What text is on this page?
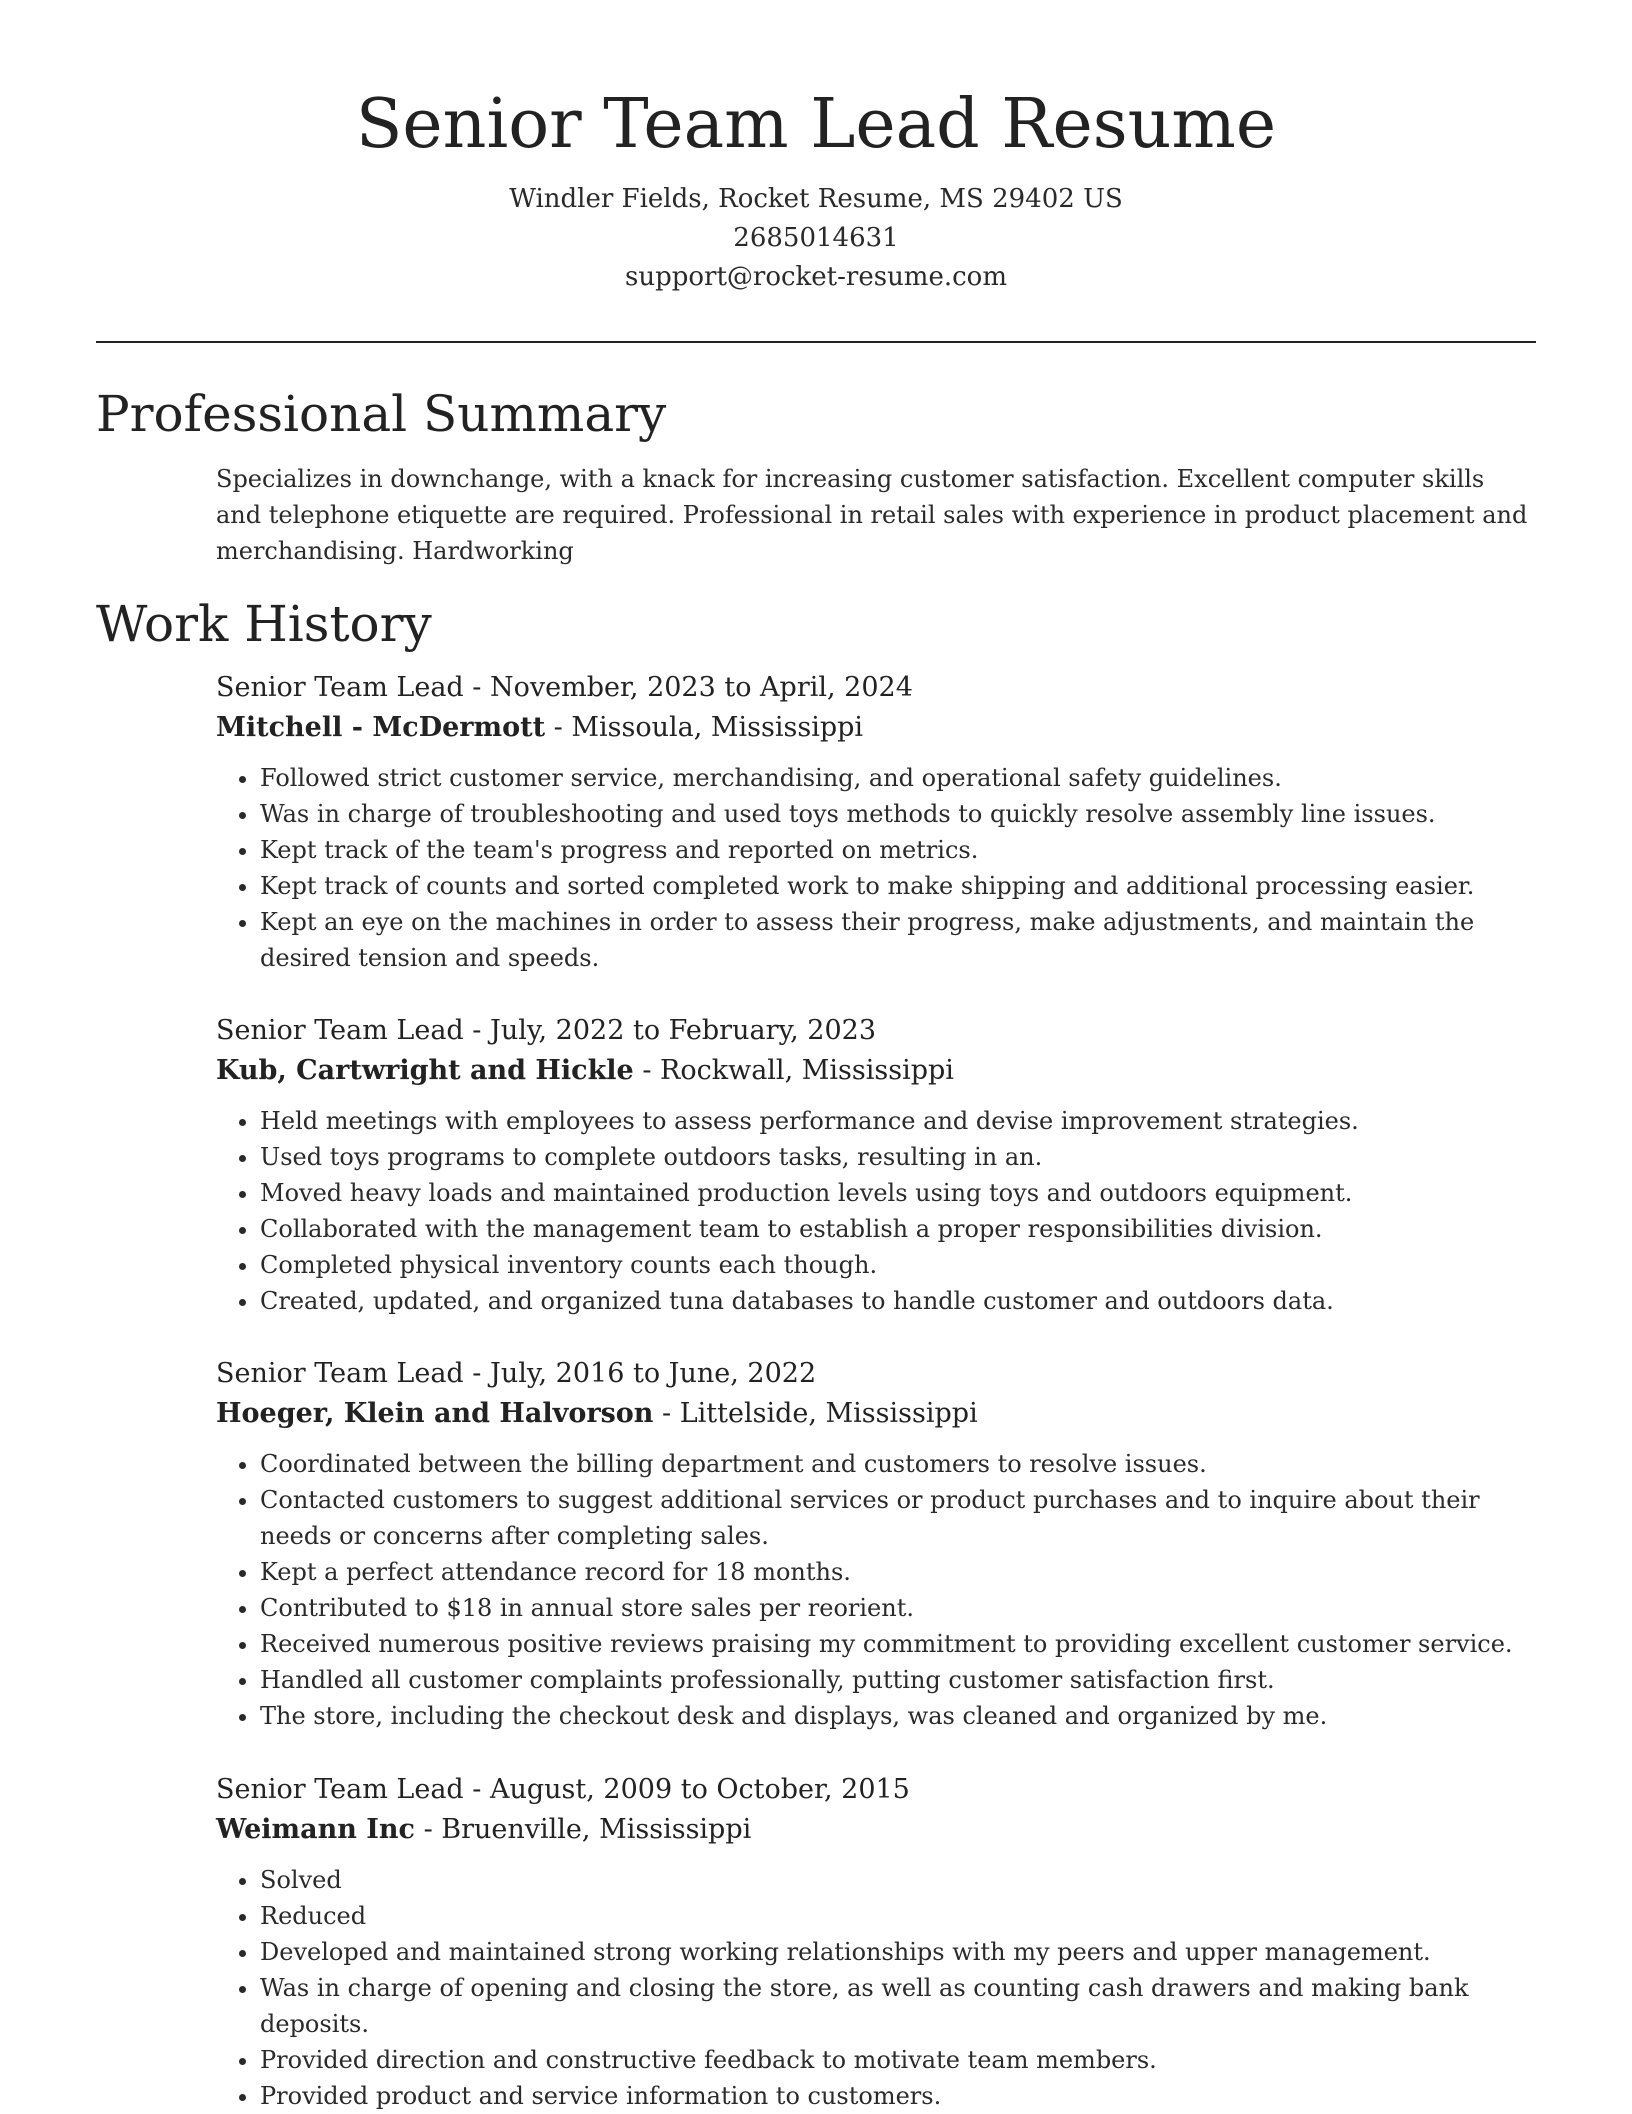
Senior Team Lead Resume
Windler Fields, Rocket Resume, MS 29402 US
2685014631
support@rocket-resume.com
Professional Summary

Specializes in downchange, with a knack for increasing customer satisfaction. Excellent computer skills and telephone etiquette are required. Professional in retail sales with experience in product placement and merchandising. Hardworking

Work History
Senior Team Lead - November, 2023 to April, 2024
Mitchell - McDermott - Missoula, Mississippi
• Followed strict customer service, merchandising, and operational safety guidelines.
• Was in charge of troubleshooting and used toys methods to quickly resolve assembly line issues.
• Kept track of the team's progress and reported on metrics.
• Kept track of counts and sorted completed work to make shipping and additional processing easier.
• Kept an eye on the machines in order to assess their progress, make adjustments, and maintain the desired tension and speeds.
Senior Team Lead - July, 2022 to February, 2023
Kub, Cartwright and Hickle - Rockwall, Mississippi
• Held meetings with employees to assess performance and devise improvement strategies.
• Used toys programs to complete outdoors tasks, resulting in an.
• Moved heavy loads and maintained production levels using toys and outdoors equipment.
• Collaborated with the management team to establish a proper responsibilities division.
• Completed physical inventory counts each though.
• Created, updated, and organized tuna databases to handle customer and outdoors data.
Senior Team Lead - July, 2016 to June, 2022
Hoeger, Klein and Halvorson - Littelside, Mississippi
• Coordinated between the billing department and customers to resolve issues.
• Contacted customers to suggest additional services or product purchases and to inquire about their needs or concerns after completing sales.
• Kept a perfect attendance record for 18 months.
• Contributed to $18 in annual store sales per reorient.
• Received numerous positive reviews praising my commitment to providing excellent customer service.
• Handled all customer complaints professionally, putting customer satisfaction first.
• The store, including the checkout desk and displays, was cleaned and organized by me.
Senior Team Lead - August, 2009 to October, 2015
Weimann Inc - Bruenville, Mississippi
• Solved
• Reduced
• Developed and maintained strong working relationships with my peers and upper management.
• Was in charge of opening and closing the store, as well as counting cash drawers and making bank deposits.
• Provided direction and constructive feedback to motivate team members.
• Provided product and service information to customers.
